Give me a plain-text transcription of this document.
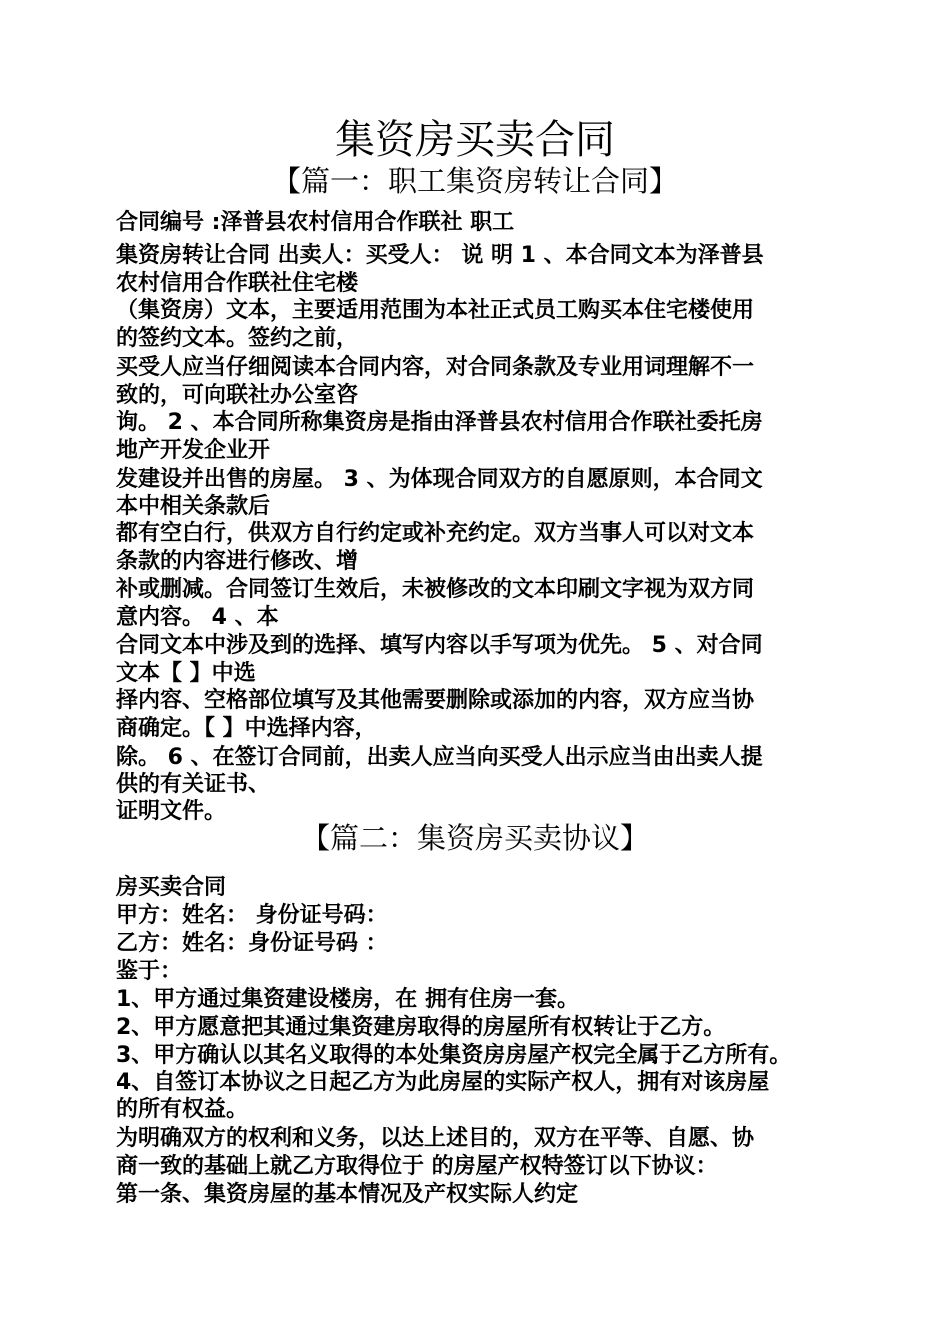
集资房买卖合同
【篇一：职工集资房转让合同】

合同编号 :泽普县农村信用合作联社 职工

集资房转让合同 出卖人：买受人： 说 明 1 、本合同文本为泽普县

农村信用合作联社住宅楼

（集资房）文本，主要适用范围为本社正式员工购买本住宅楼使用

的签约文本。签约之前，

买受人应当仔细阅读本合同内容，对合同条款及专业用词理解不一

致的，可向联社办公室咨

询。 2 、本合同所称集资房是指由泽普县农村信用合作联社委托房

地产开发企业开

发建设并出售的房屋。 3 、为体现合同双方的自愿原则，本合同文

本中相关条款后

都有空白行，供双方自行约定或补充约定。双方当事人可以对文本

条款的内容进行修改、增

补或删减。合同签订生效后，未被修改的文本印刷文字视为双方同

意内容。 4 、本

合同文本中涉及到的选择、填写内容以手写项为优先。 5 、对合同

文本【 】中选

择内容、空格部位填写及其他需要删除或添加的内容，双方应当协

商确定。【 】中选择内容，

除。 6 、在签订合同前，出卖人应当向买受人出示应当由出卖人提

供的有关证书、

证明文件。

【篇二：集资房买卖协议】

房买卖合同

甲方：姓名： 身份证号码：

乙方：姓名：身份证号码 ：

鉴于：

1、甲方通过集资建设楼房，在 拥有住房一套。

2、甲方愿意把其通过集资建房取得的房屋所有权转让于乙方。

3、甲方确认以其名义取得的本处集资房房屋产权完全属于乙方所有。

4、自签订本协议之日起乙方为此房屋的实际产权人，拥有对该房屋

的所有权益。

为明确双方的权利和义务，以达上述目的，双方在平等、自愿、协

商一致的基础上就乙方取得位于 的房屋产权特签订以下协议：

第一条、集资房屋的基本情况及产权实际人约定
